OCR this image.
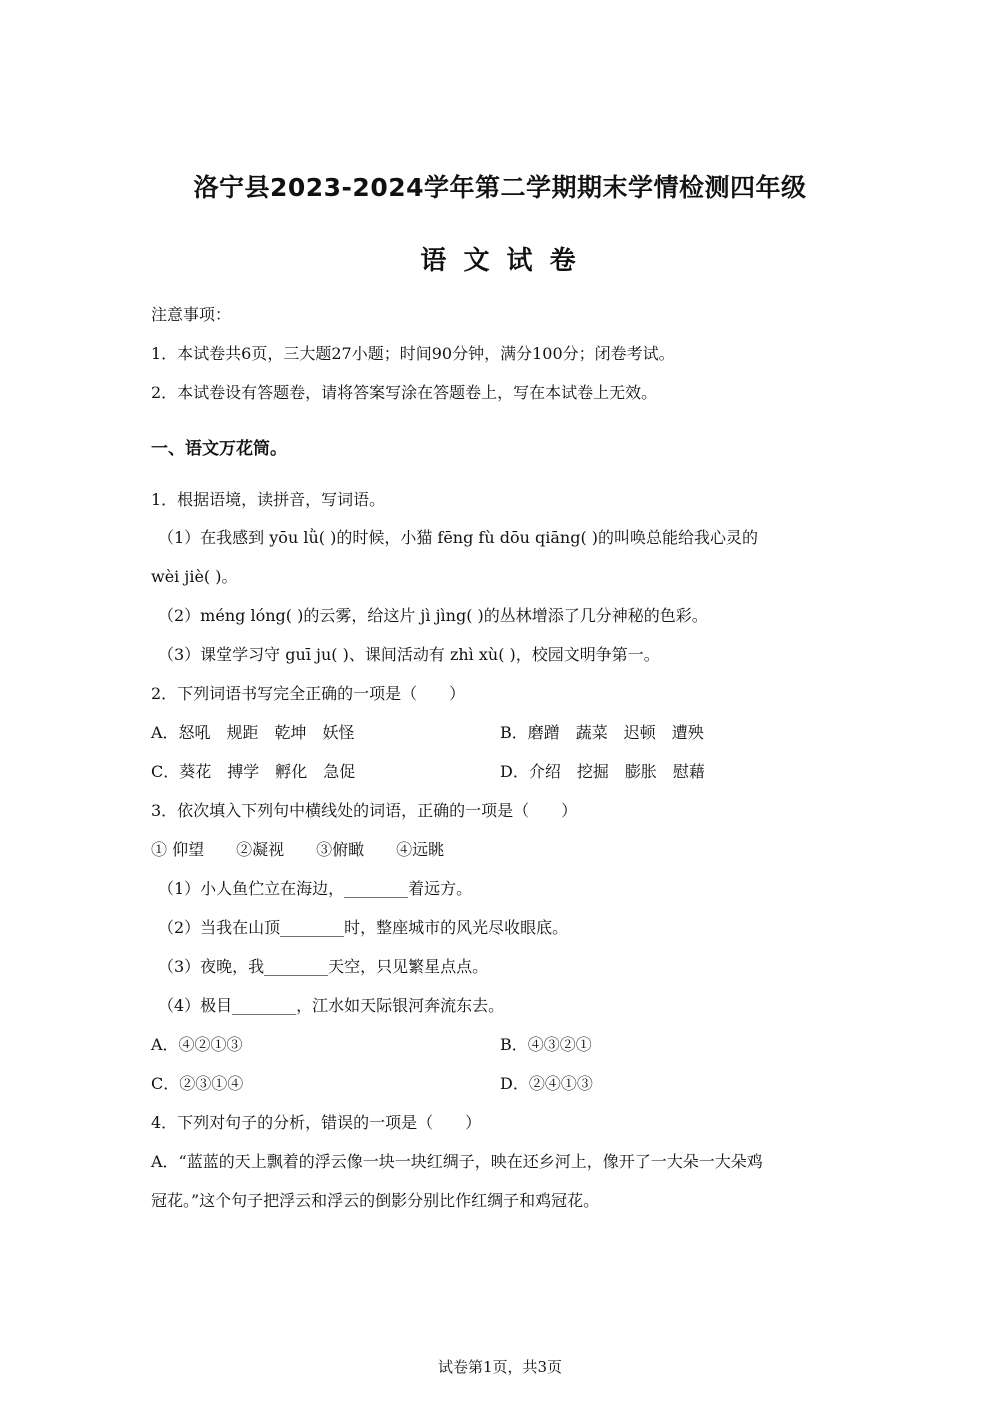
洛宁县2023-2024学年第二学期期末学情检测四年级
语 文 试 卷
注意事项：
1．本试卷共6页，三大题27小题；时间90分钟，满分100分；闭卷考试。
2．本试卷设有答题卷，请将答案写涂在答题卷上，写在本试卷上无效。
一、语文万花筒。
1．根据语境，读拼音，写词语。
（1）在我感到 yōu lǜ( )的时候，小猫 fēng fù dōu qiāng( )的叫唤总能给我心灵的
wèi jiè( )。
（2）méng lóng( )的云雾，给这片 jì jìng( )的丛林增添了几分神秘的色彩。
（3）课堂学习守 guī ju( )、课间活动有 zhì xù( )，校园文明争第一。
2．下列词语书写完全正确的一项是（　　）
A．怒吼　规距　乾坤　妖怪	B．磨蹭　蔬菜　迟顿　遭殃
C．葵花　搏学　孵化　急促	D．介绍　挖掘　膨胀　慰藉
3．依次填入下列句中横线处的词语，正确的一项是（　　）
① 仰望　　②凝视　　③俯瞰　　④远眺
（1）小人鱼伫立在海边，________着远方。
（2）当我在山顶________时，整座城市的风光尽收眼底。
（3）夜晚，我________天空，只见繁星点点。
（4）极目________，江水如天际银河奔流东去。
A．④②①③	B．④③②①
C．②③①④	D．②④①③
4．下列对句子的分析，错误的一项是（　　）
A．“蓝蓝的天上飘着的浮云像一块一块红绸子，映在还乡河上，像开了一大朵一大朵鸡
冠花。”这个句子把浮云和浮云的倒影分别比作红绸子和鸡冠花。
试卷第1页，共3页
